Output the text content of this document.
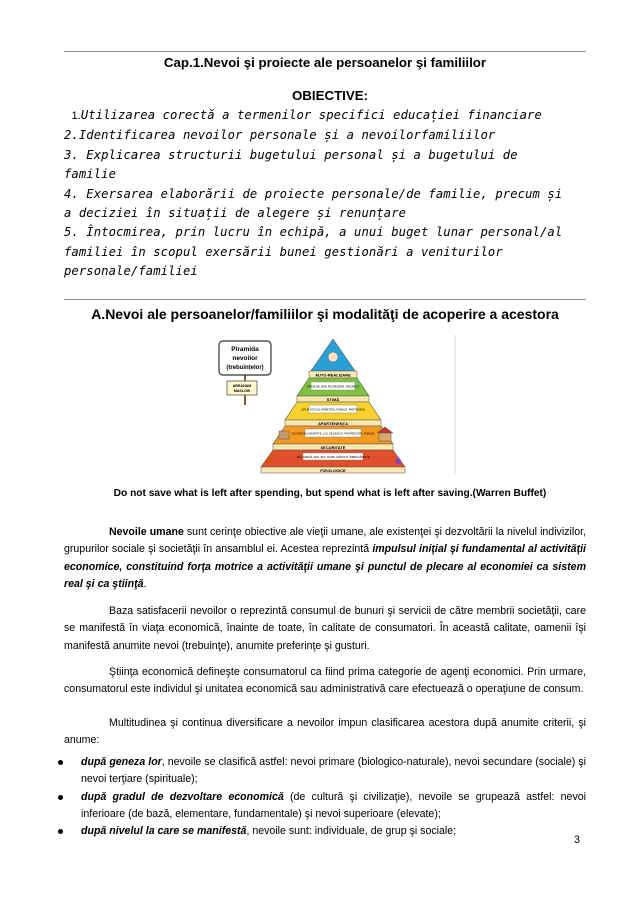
Cap.1.Nevoi şi proiecte ale persoanelor şi familiilor
OBIECTIVE:
1.Utilizarea corectă a termenilor specifici educației financiare
2.Identificarea nevoilor personale și a nevoilorfamiliilor
3. Explicarea structurii bugetului personal și a bugetului de
familie
4. Exersarea elaborării de proiecte personale/de familie, precum și
a deciziei în situații de alegere și renunțare
5. Întocmirea, prin lucru în echipă, a unui buget lunar personal/al
familiei în scopul exersării bunei gestionări a veniturilor
personale/familiei
A.Nevoi ale persoanelor/familiilor şi modalităţi de acoperire a acestora
Piramida
nevoilor
(trebuințelor)
ABRAHAM
MASLOW
AUTO-REALIZARE
STIMA DE SINE ÎNCREDERE, RESPECT
STIMĂ
GRUP SOCIAL (PRIETENI, FAMILIE, PARTENER)
APARTENENȚA
SIGURANȚA (SĂNĂTATE, LOC DE MUNCĂ, PROPRIETATE, FAMILIE)
SECURITATE
APĂ, HRANĂ, AER, SEX, SOMN, ADĂPOST, ÎMBRĂCĂMINTE
FIZIOLOGICE
Do not save what is left after spending, but spend what is left after saving.(Warren Buffet)

Nevoile umane sunt cerinţe obiective ale vieţii umane, ale existenţei şi dezvoltării la nivelul indivizilor, grupurilor sociale şi societăţii în ansamblul ei. Acestea reprezintă impulsul iniţial şi fundamental al activităţii economice, constituind forţa motrice a activităţii umane şi punctul de plecare al economiei ca sistem real şi ca ştiinţă.

Baza satisfacerii nevoilor o reprezintă consumul de bunuri şi servicii de către membrii societăţii, care se manifestă în viaţa economică, înainte de toate, în calitate de consumatori. În această calitate, oamenii îşi manifestă anumite nevoi (trebuinţe), anumite preferinţe şi gusturi.

Ştiinţa economică defineşte consumatorul ca fiind prima categorie de agenţi economici. Prin urmare, consumatorul este individul şi unitatea economică sau administrativă care efectuează o operaţiune de consum.

Multitudinea şi continua diversificare a nevoilor impun clasificarea acestora după anumite criterii, şi anume:

după geneza lor, nevoile se clasifică astfel: nevoi primare (biologico-naturale), nevoi secundare (sociale) şi nevoi terţiare (spirituale);
după gradul de dezvoltare economică (de cultură şi civilizaţie), nevoile se grupează astfel: nevoi inferioare (de bază, elementare, fundamentale) şi nevoi superioare (elevate);
după nivelul la care se manifestă, nevoile sunt: individuale, de grup şi sociale;
3
